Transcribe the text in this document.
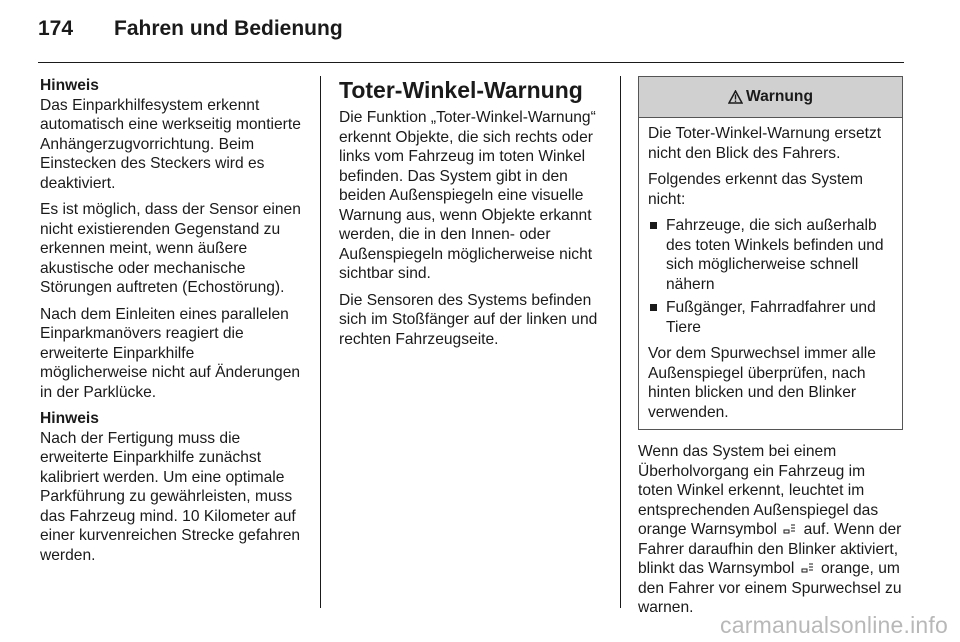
174 Fahren und Bedienung
Hinweis
Das Einparkhilfesystem erkennt automatisch eine werkseitig montierte Anhängerzugvorrichtung. Beim Einstecken des Steckers wird es deaktiviert.

Es ist möglich, dass der Sensor einen nicht existierenden Gegenstand zu erkennen meint, wenn äußere akustische oder mechanische Störungen auftreten (Echostörung).

Nach dem Einleiten eines parallelen Einparkmanövers reagiert die erweiterte Einparkhilfe möglicherweise nicht auf Änderungen in der Parklücke.

Hinweis
Nach der Fertigung muss die erweiterte Einparkhilfe zunächst kalibriert werden. Um eine optimale Parkführung zu gewährleisten, muss das Fahrzeug mind. 10 Kilometer auf einer kurvenreichen Strecke gefahren werden.
Toter-Winkel-Warnung

Die Funktion „Toter-Winkel-Warnung“ erkennt Objekte, die sich rechts oder links vom Fahrzeug im toten Winkel befinden. Das System gibt in den beiden Außenspiegeln eine visuelle Warnung aus, wenn Objekte erkannt werden, die in den Innen- oder Außenspiegeln möglicherweise nicht sichtbar sind.

Die Sensoren des Systems befinden sich im Stoßfänger auf der linken und rechten Fahrzeugseite.

Warnung

Die Toter-Winkel-Warnung ersetzt nicht den Blick des Fahrers.

Folgendes erkennt das System nicht:

Fahrzeuge, die sich außerhalb des toten Winkels befinden und sich möglicherweise schnell nähern
Fußgänger, Fahrradfahrer und Tiere

Vor dem Spurwechsel immer alle Außenspiegel überprüfen, nach hinten blicken und den Blinker verwenden.

Wenn das System bei einem Überholvorgang ein Fahrzeug im toten Winkel erkennt, leuchtet im entsprechenden Außenspiegel das orange Warnsymbol auf. Wenn der Fahrer daraufhin den Blinker aktiviert, blinkt das Warnsymbol orange, um den Fahrer vor einem Spurwechsel zu warnen.

carmanualsonline.info
